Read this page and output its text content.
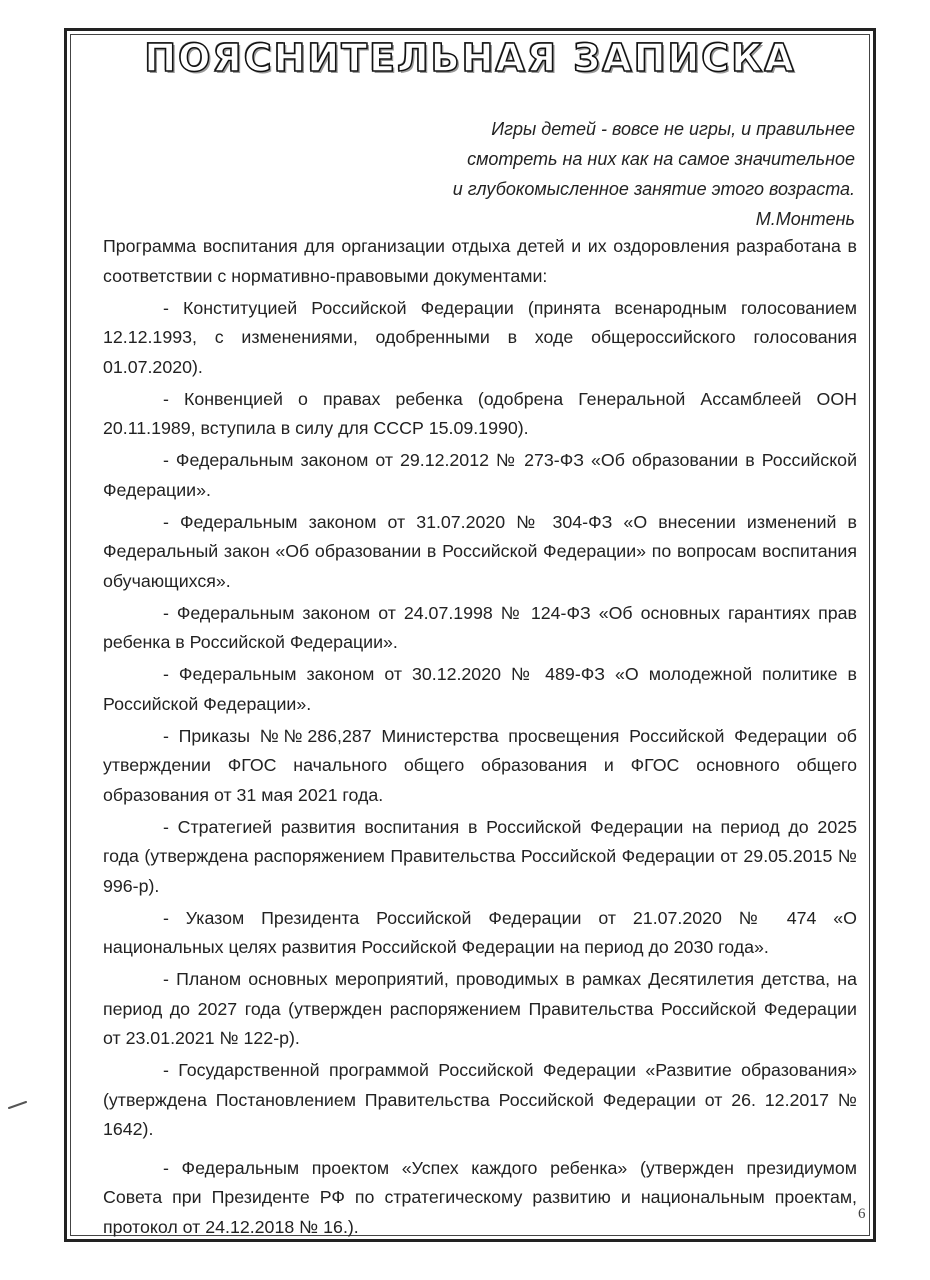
ПОЯСНИТЕЛЬНАЯ ЗАПИСКА
Игры детей - вовсе не игры, и правильнее
смотреть на них как на самое значительное
и глубокомысленное занятие этого возраста.
М.Монтень

Программа воспитания для организации отдыха детей и их оздоровления разработана в соответствии с нормативно-правовыми документами:

- Конституцией Российской Федерации (принята всенародным голосованием 12.12.1993, с изменениями, одобренными в ходе общероссийского голосования 01.07.2020).

- Конвенцией о правах ребенка (одобрена Генеральной Ассамблеей ООН 20.11.1989, вступила в силу для СССР 15.09.1990).

- Федеральным законом от 29.12.2012 № 273-ФЗ «Об образовании в Российской Федерации».

- Федеральным законом от 31.07.2020 № 304-ФЗ «О внесении изменений в Федеральный закон «Об образовании в Российской Федерации» по вопросам воспитания обучающихся».

- Федеральным законом от 24.07.1998 № 124-ФЗ «Об основных гарантиях прав ребенка в Российской Федерации».

- Федеральным законом от 30.12.2020 № 489-ФЗ «О молодежной политике в Российской Федерации».

- Приказы №№286,287 Министерства просвещения Российской Федерации об утверждении ФГОС начального общего образования и ФГОС основного общего образования от 31 мая 2021 года.

- Стратегией развития воспитания в Российской Федерации на период до 2025 года (утверждена распоряжением Правительства Российской Федерации от 29.05.2015 № 996-р).

- Указом Президента Российской Федерации от 21.07.2020 № 474 «О национальных целях развития Российской Федерации на период до 2030 года».

- Планом основных мероприятий, проводимых в рамках Десятилетия детства, на период до 2027 года (утвержден распоряжением Правительства Российской Федерации от 23.01.2021 № 122-р).

- Государственной программой Российской Федерации «Развитие образования» (утверждена Постановлением Правительства Российской Федерации от 26. 12.2017 № 1642).

- Федеральным проектом «Успех каждого ребенка» (утвержден президиумом Совета при Президенте РФ по стратегическому развитию и национальным проектам, протокол от 24.12.2018 № 16.).

6
